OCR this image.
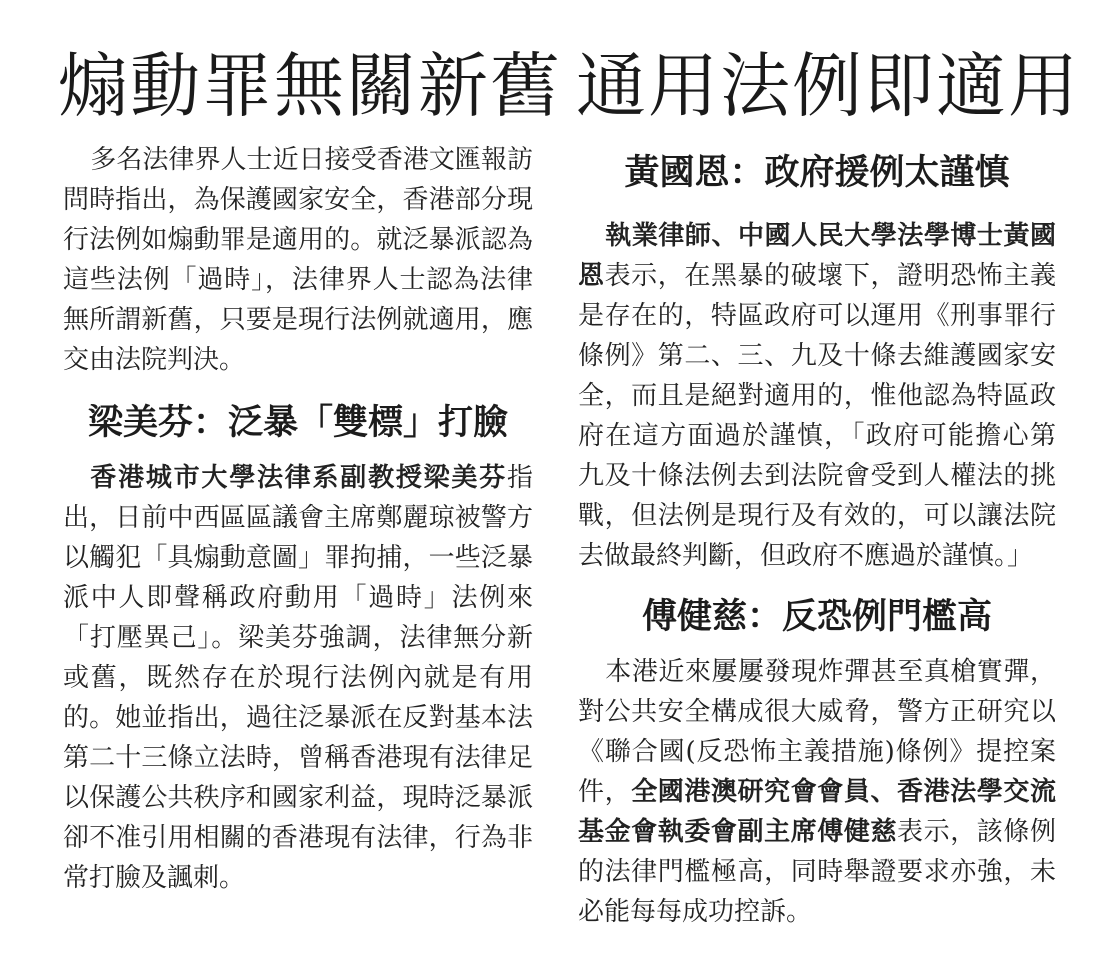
煽動罪無關新舊 通用法例即適用

多名法律界人士近日接受香港文匯報訪問時指出，為保護國家安全，香港部分現行法例如煽動罪是適用的。就泛暴派認為這些法例「過時」，法律界人士認為法律無所謂新舊，只要是現行法例就適用，應交由法院判決。

梁美芬：泛暴「雙標」打臉

香港城市大學法律系副教授梁美芬指出，日前中西區區議會主席鄭麗琼被警方以觸犯「具煽動意圖」罪拘捕，一些泛暴派中人即聲稱政府動用「過時」法例來「打壓異己」。梁美芬強調，法律無分新或舊，既然存在於現行法例內就是有用的。她並指出，過往泛暴派在反對基本法第二十三條立法時，曾稱香港現有法律足以保護公共秩序和國家利益，現時泛暴派卻不准引用相關的香港現有法律，行為非常打臉及諷刺。

黃國恩：政府援例太謹慎

執業律師、中國人民大學法學博士黃國恩表示，在黑暴的破壞下，證明恐怖主義是存在的，特區政府可以運用《刑事罪行條例》第二、三、九及十條去維護國家安全，而且是絕對適用的，惟他認為特區政府在這方面過於謹慎，「政府可能擔心第九及十條法例去到法院會受到人權法的挑戰，但法例是現行及有效的，可以讓法院去做最終判斷，但政府不應過於謹慎。」

傅健慈：反恐例門檻高

本港近來屢屢發現炸彈甚至真槍實彈，對公共安全構成很大威脅，警方正研究以《聯合國(反恐怖主義措施)條例》提控案件，全國港澳研究會會員、香港法學交流基金會執委會副主席傅健慈表示，該條例的法律門檻極高，同時舉證要求亦強，未必能每每成功控訴。
